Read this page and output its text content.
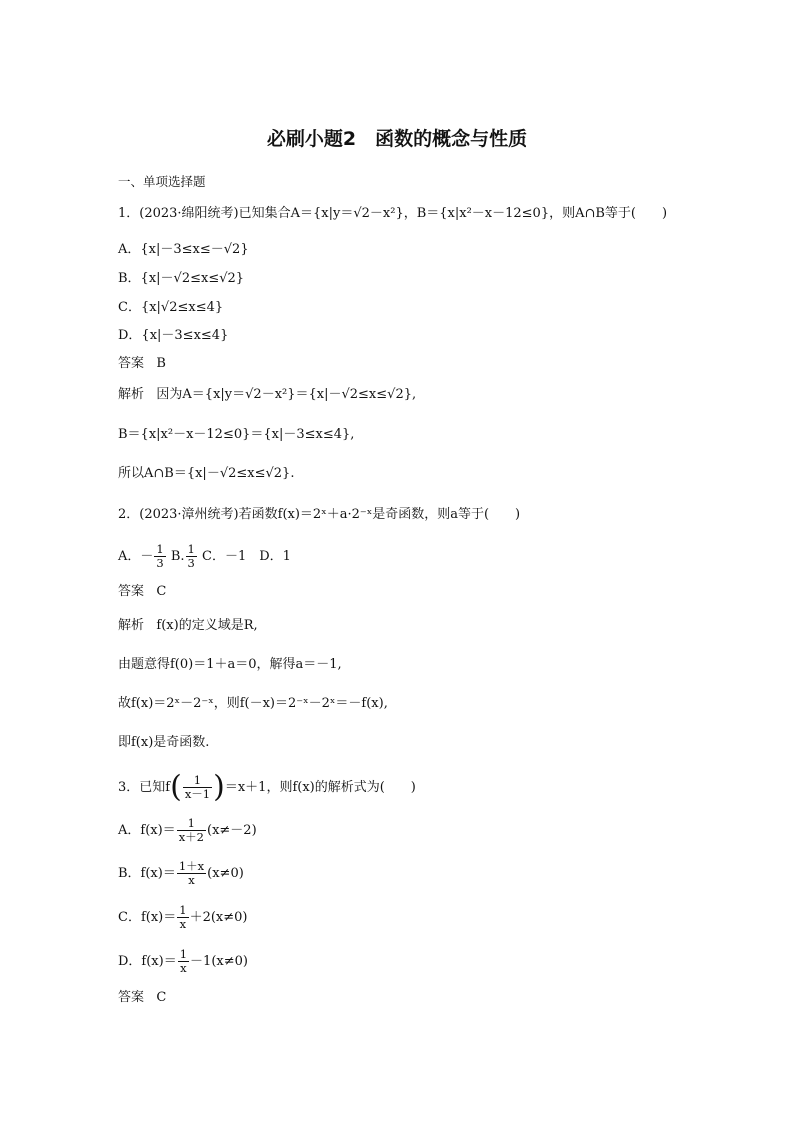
必刷小题2　函数的概念与性质
一、单项选择题
1．(2023·绵阳统考)已知集合A＝{x|y＝√2－x²}，B＝{x|x²－x－12≤0}，则A∩B等于(　　)
A．{x|－3≤x≤－√2}
B．{x|－√2≤x≤√2}
C．{x|√2≤x≤4}
D．{x|－3≤x≤4}
答案 B
解析 因为A＝{x|y＝√2－x²}＝{x|－√2≤x≤√2},
B＝{x|x²－x－12≤0}＝{x|－3≤x≤4},
所以A∩B＝{x|－√2≤x≤√2}.
2．(2023·漳州统考)若函数f(x)＝2ˣ＋a·2⁻ˣ是奇函数，则a等于(　　)
A．－ $\frac{1}{3} B$. $\frac{1}{3}$ C．－1　D．1
答案 C
解析 f(x)的定义域是R,
由题意得f(0)＝1＋a＝0，解得a＝－1,
故f(x)＝2ˣ－2⁻ˣ，则f(－x)＝2⁻ˣ－2ˣ＝－f(x),
即f(x)是奇函数.
3．已知$f( \frac{1}{x-1} )=x+1$，则f(x)的解析式为(　　)
A．$f(x)= \frac{1}{x+2} (x\ne-2)$
B．$f(x)= \frac{1+x}{x} (x\ne 0)$
C．$f(x)= \frac{1}{x} +2(x\ne 0)$
D．$f(x)= \frac{1}{x} -1(x\ne 0)$
答案 C
